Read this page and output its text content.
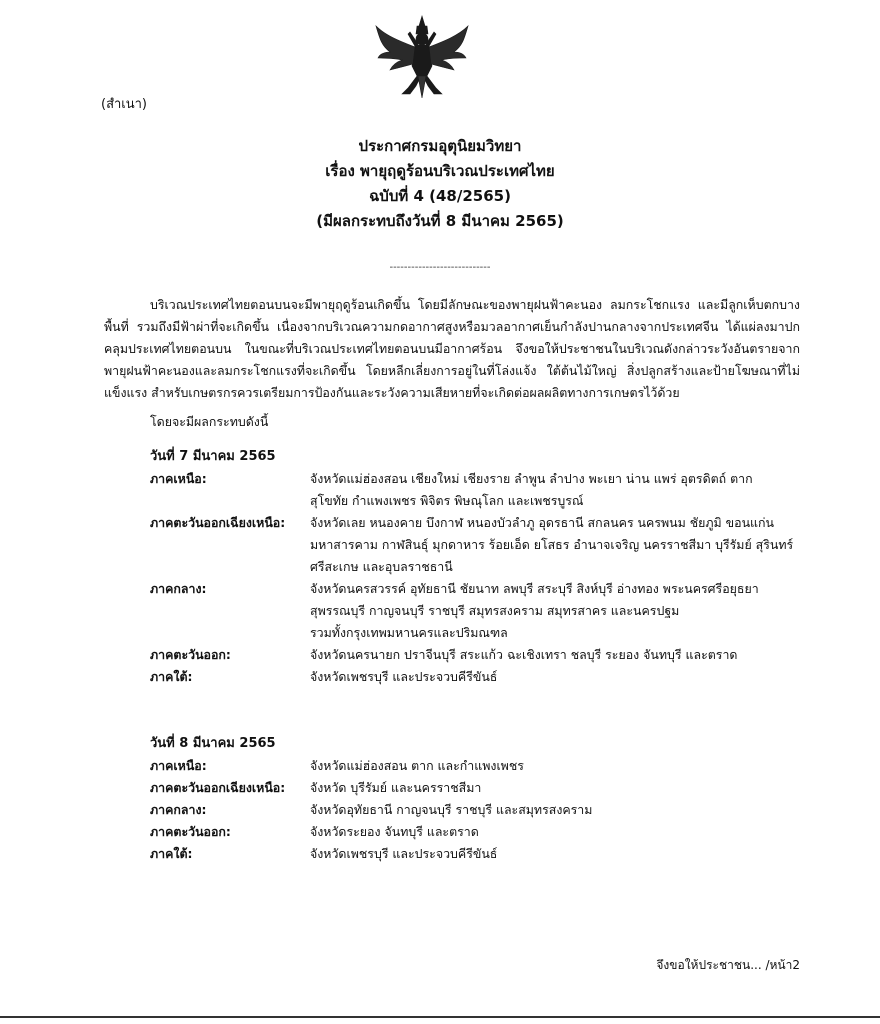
(สำเนา)
ประกาศกรมอุตุนิยมวิทยา
เรื่อง พายุฤดูร้อนบริเวณประเทศไทย
ฉบับที่ 4 (48/2565)
(มีผลกระทบถึงวันที่ 8 มีนาคม 2565)
----------------------------
บริเวณประเทศไทยตอนบนจะมีพายุฤดูร้อนเกิดขึ้น โดยมีลักษณะของพายุฝนฟ้าคะนอง ลมกระโชกแรง และมีลูกเห็บตกบางพื้นที่ รวมถึงมีฟ้าผ่าที่จะเกิดขึ้น เนื่องจากบริเวณความกดอากาศสูงหรือมวลอากาศเย็นกำลังปานกลางจากประเทศจีน ได้แผ่ลงมาปกคลุมประเทศไทยตอนบน ในขณะที่บริเวณประเทศไทยตอนบนมีอากาศร้อน จึงขอให้ประชาชนในบริเวณดังกล่าวระวังอันตรายจากพายุฝนฟ้าคะนองและลมกระโชกแรงที่จะเกิดขึ้น โดยหลีกเลี่ยงการอยู่ในที่โล่งแจ้ง ใต้ต้นไม้ใหญ่ สิ่งปลูกสร้างและป้ายโฆษณาที่ไม่แข็งแรง สำหรับเกษตรกรควรเตรียมการป้องกันและระวังความเสียหายที่จะเกิดต่อผลผลิตทางการเกษตรไว้ด้วย
โดยจะมีผลกระทบดังนี้
วันที่ 7 มีนาคม 2565
ภาคเหนือ:	จังหวัดแม่ฮ่องสอน เชียงใหม่ เชียงราย ลำพูน ลำปาง พะเยา น่าน แพร่ อุตรดิตถ์ ตาก
สุโขทัย กำแพงเพชร พิจิตร พิษณุโลก และเพชรบูรณ์
ภาคตะวันออกเฉียงเหนือ:	จังหวัดเลย หนองคาย บึงกาฬ หนองบัวลำภู อุดรธานี สกลนคร นครพนม ชัยภูมิ ขอนแก่น
มหาสารคาม กาฬสินธุ์ มุกดาหาร ร้อยเอ็ด ยโสธร อำนาจเจริญ นครราชสีมา บุรีรัมย์ สุรินทร์
ศรีสะเกษ และอุบลราชธานี
ภาคกลาง:	จังหวัดนครสวรรค์ อุทัยธานี ชัยนาท ลพบุรี สระบุรี สิงห์บุรี อ่างทอง พระนครศรีอยุธยา
สุพรรณบุรี กาญจนบุรี ราชบุรี สมุทรสงคราม สมุทรสาคร และนครปฐม
รวมทั้งกรุงเทพมหานครและปริมณฑล
ภาคตะวันออก:	จังหวัดนครนายก ปราจีนบุรี สระแก้ว ฉะเชิงเทรา ชลบุรี ระยอง จันทบุรี และตราด
ภาคใต้:	จังหวัดเพชรบุรี และประจวบคีรีขันธ์
วันที่ 8 มีนาคม 2565
ภาคเหนือ:	จังหวัดแม่ฮ่องสอน ตาก และกำแพงเพชร
ภาคตะวันออกเฉียงเหนือ:	จังหวัด บุรีรัมย์ และนครราชสีมา
ภาคกลาง:	จังหวัดอุทัยธานี กาญจนบุรี ราชบุรี และสมุทรสงคราม
ภาคตะวันออก:	จังหวัดระยอง จันทบุรี และตราด
ภาคใต้:	จังหวัดเพชรบุรี และประจวบคีรีขันธ์
จึงขอให้ประชาชน... /หน้า2
